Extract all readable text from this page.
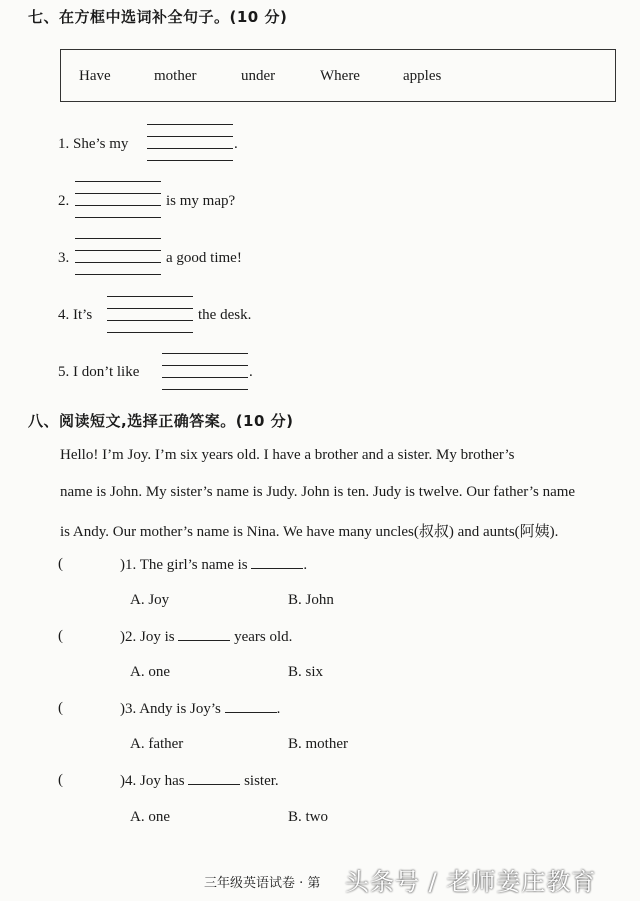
七、在方框中选词补全句子。(10 分)
Have	mother	under	Where	apples
1. She’s my	.
2.	is my map?
3.	a good time!
4. It’s	the desk.
5. I don’t like	.
八、阅读短文,选择正确答案。(10 分)
Hello! I’m Joy. I’m six years old. I have a brother and a sister. My brother’s
name is John. My sister’s name is Judy. John is ten. Judy is twelve. Our father’s name
is Andy. Our mother’s name is Nina. We have many uncles(叔叔) and aunts(阿姨).
(	)1. The girl’s name is	.
A. Joy	B. John
(	)2. Joy is	years old.
A. one	B. six
(	)3. Andy is Joy’s	.
A. father	B. mother
(	)4. Joy has	sister.
A. one	B. two
三年级英语试卷 · 第 头条号 / 老师姜庄教育
